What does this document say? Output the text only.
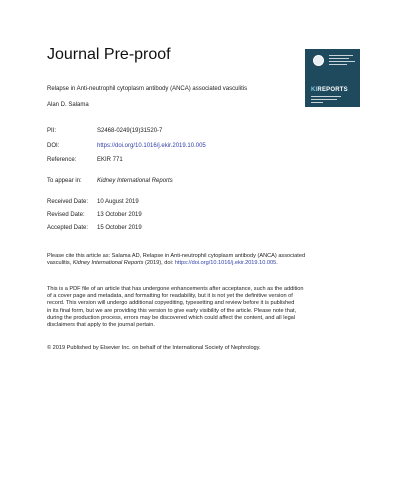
Journal Pre-proof
KIREPORTS
Relapse in Anti-neutrophil cytoplasm antibody (ANCA) associated vasculitis
Alan D. Salama
PII:	S2468-0249(19)31520-7
DOI:	https://doi.org/10.1016/j.ekir.2019.10.005
Reference:	EKIR 771
To appear in:	Kidney International Reports
Received Date: 10 August 2019
Revised Date: 13 October 2019
Accepted Date: 15 October 2019
Please cite this article as: Salama AD, Relapse in Anti-neutrophil cytoplasm antibody (ANCA) associated
vasculitis, Kidney International Reports (2019), doi: https://doi.org/10.1016/j.ekir.2019.10.005.
This is a PDF file of an article that has undergone enhancements after acceptance, such as the addition
of a cover page and metadata, and formatting for readability, but it is not yet the definitive version of
record. This version will undergo additional copyediting, typesetting and review before it is published
in its final form, but we are providing this version to give early visibility of the article. Please note that,
during the production process, errors may be discovered which could affect the content, and all legal
disclaimers that apply to the journal pertain.
© 2019 Published by Elsevier Inc. on behalf of the International Society of Nephrology.
